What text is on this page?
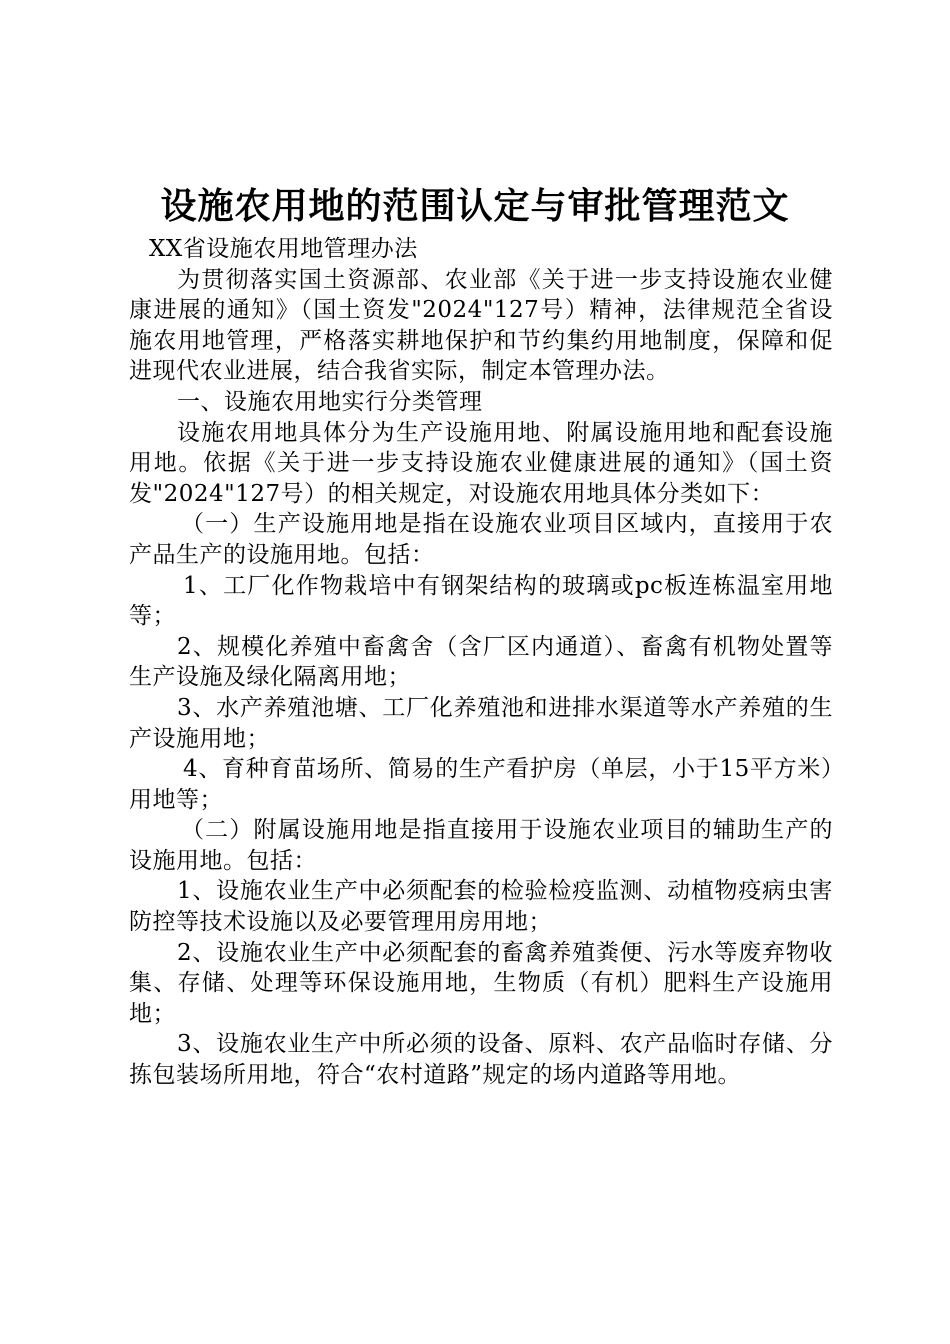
设施农用地的范围认定与审批管理范文

XX省设施农用地管理办法

为贯彻落实国土资源部、农业部《关于进一步支持设施农业健康进展的通知》（国土资发"2024"127号）精神，法律规范全省设施农用地管理，严格落实耕地保护和节约集约用地制度，保障和促进现代农业进展，结合我省实际，制定本管理办法。

一、设施农用地实行分类管理

设施农用地具体分为生产设施用地、附属设施用地和配套设施用地。依据《关于进一步支持设施农业健康进展的通知》（国土资发"2024"127号）的相关规定，对设施农用地具体分类如下：

（一）生产设施用地是指在设施农业项目区域内，直接用于农产品生产的设施用地。包括：

1、工厂化作物栽培中有钢架结构的玻璃或pc板连栋温室用地等；

2、规模化养殖中畜禽舍（含厂区内通道）、畜禽有机物处置等生产设施及绿化隔离用地；

3、水产养殖池塘、工厂化养殖池和进排水渠道等水产养殖的生产设施用地；

4、育种育苗场所、简易的生产看护房（单层，小于15平方米）用地等；

（二）附属设施用地是指直接用于设施农业项目的辅助生产的设施用地。包括：

1、设施农业生产中必须配套的检验检疫监测、动植物疫病虫害防控等技术设施以及必要管理用房用地；

2、设施农业生产中必须配套的畜禽养殖粪便、污水等废弃物收集、存储、处理等环保设施用地，生物质（有机）肥料生产设施用地；

3、设施农业生产中所必须的设备、原料、农产品临时存储、分拣包装场所用地，符合“农村道路”规定的场内道路等用地。
